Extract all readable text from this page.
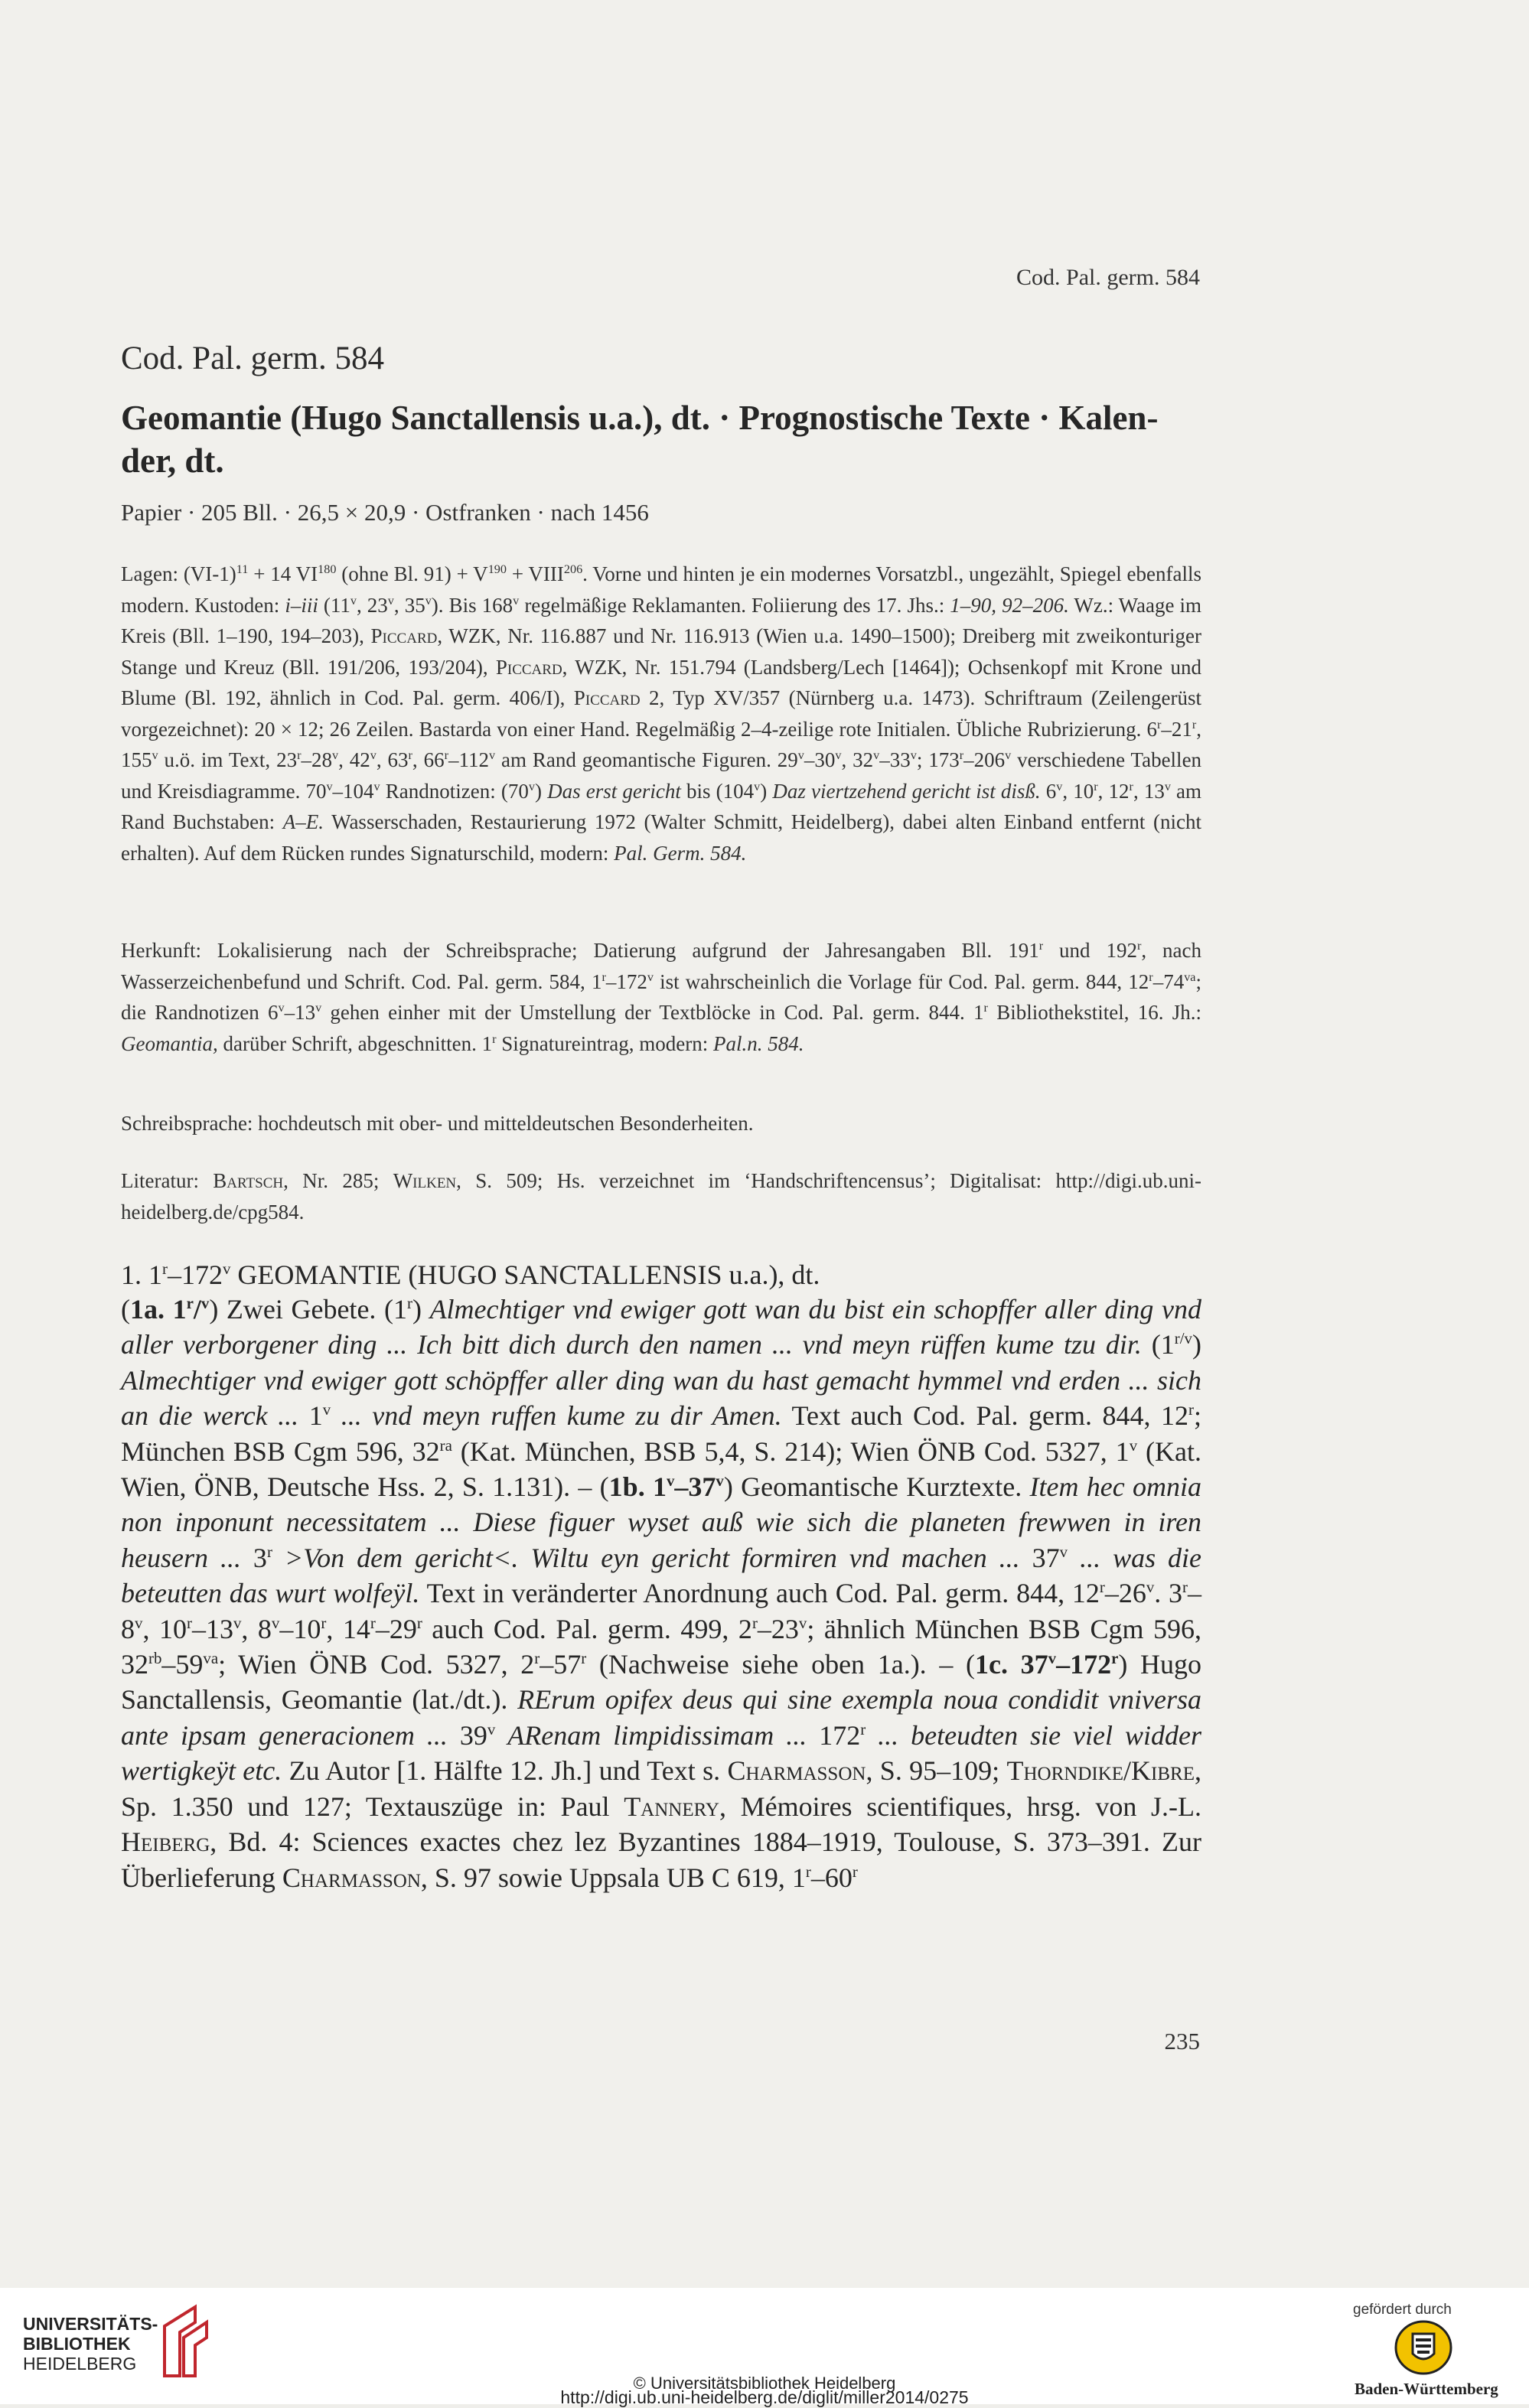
Cod. Pal. germ. 584
Cod. Pal. germ. 584
Geomantie (Hugo Sanctallensis u.a.), dt. · Prognostische Texte · Kalen-
der, dt.
Papier · 205 Bll. · 26,5 × 20,9 · Ostfranken · nach 1456
Lagen: $(VI-1)^{11} + 14$ VI$^{180}$ (ohne Bl. $91) + V^{190}$ + $VIII^{206}$. Vorne und hinten je ein modernes Vorsatzbl., ungezählt, Spiegel ebenfalls modern. Kustoden: i–iii (11$^v$, 23$^v$, 35$^v$). Bis 168$^v$ regelmäßige Reklamanten. Foliierung des 17. Jhs.: 1–90, 92–206. Wz.: Waage im Kreis (Bll. 1–190, 194–203), Piccard, WZK, Nr. 116.887 und Nr. 116.913 (Wien u.a. 1490–1500); Dreiberg mit zweikonturiger Stange und Kreuz (Bll. 191/206, 193/204), Piccard, WZK, Nr. 151.794 (Landsberg/Lech [1464]); Ochsenkopf mit Krone und Blume (Bl. 192, ähnlich in Cod. Pal. germ. 406/I), Piccard 2, Typ XV/357 (Nürnberg u.a. 1473). Schriftraum (Zeilengerüst vorgezeichnet): 20 × 12; 26 Zeilen. Bastarda von einer Hand. Regelmäßig 2–4-zeilige rote Initialen. Übliche Rubrizierung. 6$^r$–21$^r$, 155$^v$ u.ö. im Text, 23$^r$–28$^v$, 42$^v$, 63$^r$, 66$^r$–112$^v$ am Rand geomantische Figuren. 29$^v$–30$^v$, 32$^v$–33$^v$; 173$^r$–206$^v$ verschiedene Tabellen und Kreisdiagramme. 70$^v$–104$^v$ Randnotizen: (70$^v$) Das erst gericht bis (104$^v$) Daz viertzehend gericht ist disß. 6$^v$, 10$^r$, 12$^r$, 13$^v$ am Rand Buchstaben: A–E. Wasserschaden, Restaurierung 1972 (Walter Schmitt, Heidelberg), dabei alten Einband entfernt (nicht erhalten). Auf dem Rücken rundes Signaturschild, modern: Pal. Germ. 584.
Herkunft: Lokalisierung nach der Schreibsprache; Datierung aufgrund der Jahresangaben Bll. 191$^r$ und 192$^r$, nach Wasserzeichenbefund und Schrift. Cod. Pal. germ. 584, 1$^r$–172$^v$ ist wahrscheinlich die Vorlage für Cod. Pal. germ. 844, $12^r-74^{va}$; die Randnotizen 6$^v$–13$^v$ gehen einher mit der Umstellung der Textblöcke in Cod. Pal. germ. 844. 1$^r$ Bibliothekstitel, 16. Jh.: Geomantia, darüber Schrift, abgeschnitten. 1$^r$ Signatureintrag, modern: Pal.n. 584.
Schreibsprache: hochdeutsch mit ober- und mitteldeutschen Besonderheiten.
Literatur: Bartsch, Nr. 285; Wilken, S. 509; Hs. verzeichnet im ‘Handschriftencensus’; Digitalisat: http://digi.ub.uni-heidelberg.de/cpg584.
1. 1$^r$–172$^v$ GEOMANTIE (HUGO SANCTALLENSIS u.a.), dt.
(1a. 1$^r$/$^v$) Zwei Gebete. (1$^r$) Almechtiger vnd ewiger gott wan du bist ein schopffer aller ding vnd aller verborgener ding ... Ich bitt dich durch den namen ... vnd meyn rüffen kume tzu dir. $(1^{r/v})$ Almechtiger vnd ewiger gott schöpffer aller ding wan du hast gemacht hymmel vnd erden ... sich an die werck ... 1$^v$ ... vnd meyn ruffen kume zu dir Amen. Text auch Cod. Pal. germ. 844, 12$^r$; München BSB Cgm 596, $32^{ra}$ (Kat. München, BSB 5,4, S. 214); Wien ÖNB Cod. 5327, 1$^v$ (Kat. Wien, ÖNB, Deutsche Hss. 2, S. 1.131). – (1b. 1$^v$–37$^v$) Geomantische Kurztexte. Item hec omnia non inponunt necessitatem ... Diese figuer wyset auß wie sich die planeten frewwen in iren heusern ... $3^r >Von$ dem gericht<. Wiltu eyn gericht formiren vnd machen ... 37$^v$ ... was die beteutten das wurt wolfeÿl. Text in veränderter Anordnung auch Cod. Pal. germ. 844, 12$^r$–26$^v$. 3$^r$–8$^v$, 10$^r$–13$^v$, 8$^v$–10$^r$, 14$^r$–29$^r$ auch Cod. Pal. germ. 499, 2$^r$–23$^v$; ähnlich München BSB Cgm 596, $32^{rb}-59^{va}$; Wien ÖNB Cod. 5327, 2$^r$–57$^r$ (Nachweise siehe oben 1a.). – (1c. 37$^v$–172$^r$) Hugo Sanctallensis, Geomantie (lat./dt.). RErum opifex deus qui sine exempla noua condidit vniversa ante ipsam generacionem ... 39$^v$ ARenam limpidissimam ... 172$^r$ ... beteudten sie viel widder wertigkeÿt etc. Zu Autor [1. Hälfte 12. Jh.] und Text s. Charmasson, S. 95–109; Thorndike/Kibre, Sp. 1.350 und 127; Textauszüge in: Paul Tannery, Mémoires scientifiques, hrsg. von J.-L. Heiberg, Bd. 4: Sciences exactes chez lez Byzantines 1884–1919, Toulouse, S. 373–391. Zur Überlieferung Charmasson, S. 97 sowie Uppsala UB C 619, 1$^r$–60$^r$
235
UNIVERSITÄTS-
BIBLIOTHEK
HEIDELBERG
© Universitätsbibliothek Heidelberg
http://digi.ub.uni-heidelberg.de/diglit/miller2014/0275
gefördert durch
Baden-Württemberg
